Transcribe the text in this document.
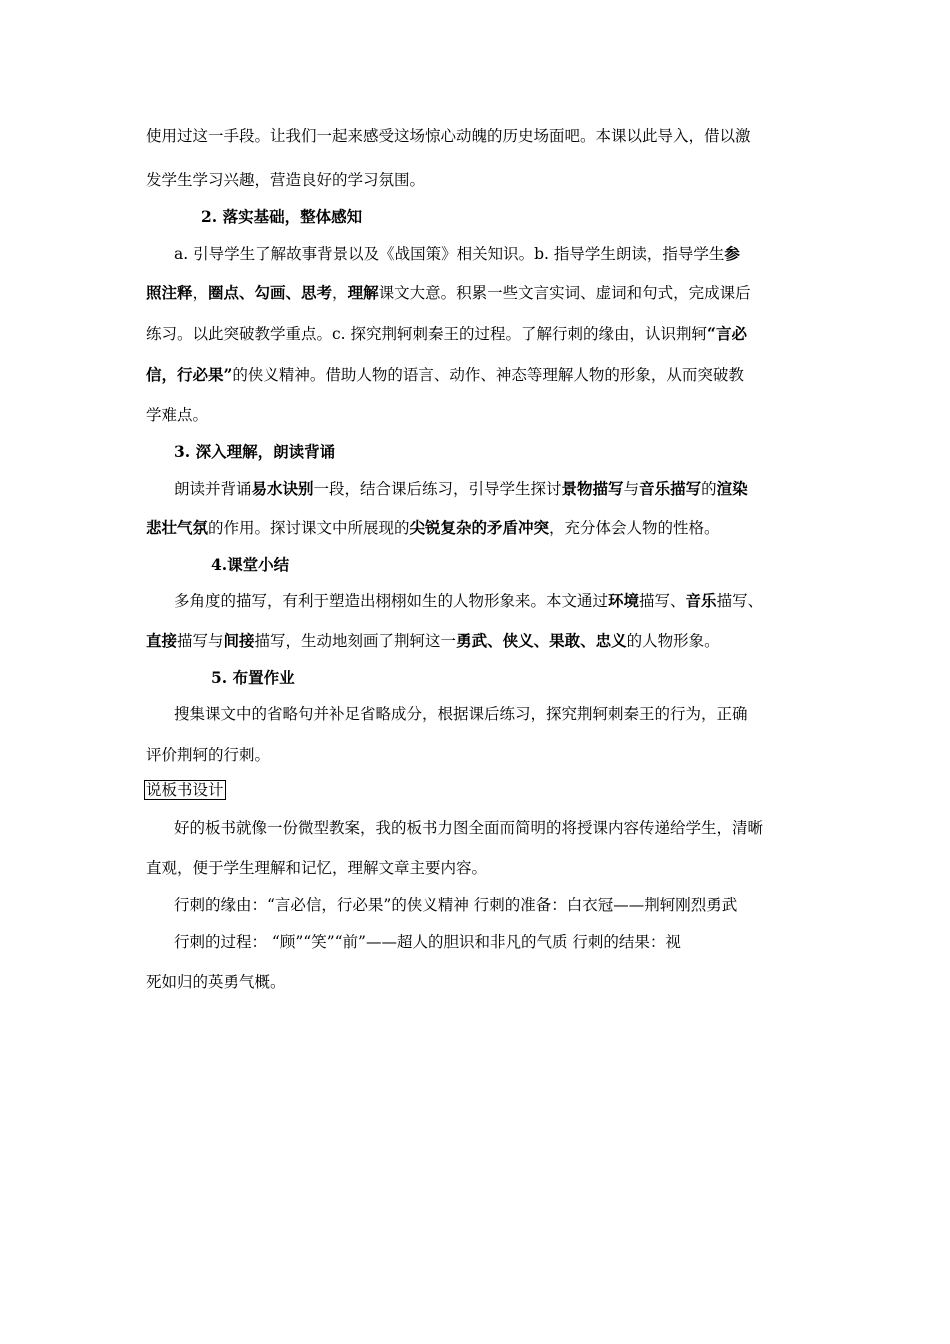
使用过这一手段。让我们一起来感受这场惊心动魄的历史场面吧。本课以此导入，借以激
发学生学习兴趣，营造良好的学习氛围。
2. 落实基础，整体感知
a. 引导学生了解故事背景以及《战国策》相关知识。b. 指导学生朗读，指导学生参
照注释，圈点、勾画、思考，理解课文大意。积累一些文言实词、虚词和句式，完成课后
练习。以此突破教学重点。c. 探究荆轲刺秦王的过程。了解行刺的缘由，认识荆轲“言必
信，行必果”的侠义精神。借助人物的语言、动作、神态等理解人物的形象，从而突破教
学难点。
3. 深入理解，朗读背诵
朗读并背诵易水诀别一段，结合课后练习，引导学生探讨景物描写与音乐描写的渲染
悲壮气氛的作用。探讨课文中所展现的尖锐复杂的矛盾冲突，充分体会人物的性格。
4.课堂小结
多角度的描写，有利于塑造出栩栩如生的人物形象来。本文通过环境描写、音乐描写、
直接描写与间接描写，生动地刻画了荆轲这一勇武、侠义、果敢、忠义的人物形象。
5. 布置作业
搜集课文中的省略句并补足省略成分，根据课后练习，探究荆轲刺秦王的行为，正确
评价荆轲的行刺。
说板书设计
好的板书就像一份微型教案，我的板书力图全面而简明的将授课内容传递给学生，清晰
直观，便于学生理解和记忆，理解文章主要内容。
行刺的缘由：“言必信，行必果”的侠义精神 行刺的准备：白衣冠——荆轲刚烈勇武
行刺的过程： “顾”“笑”“前”——超人的胆识和非凡的气质 行刺的结果：视
死如归的英勇气概。
